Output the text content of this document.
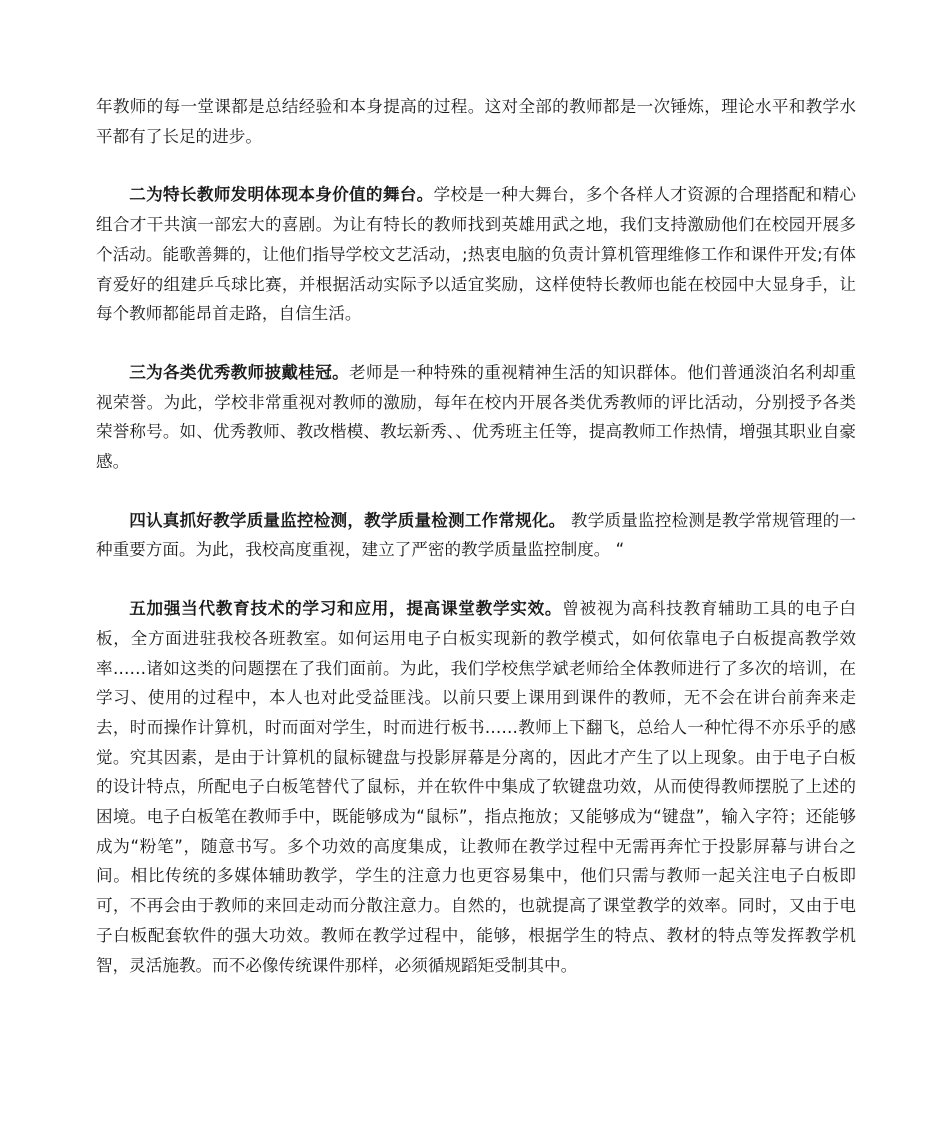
年教师的每一堂课都是总结经验和本身提高的过程。这对全部的教师都是一次锤炼，理论水平和教学水平都有了长足的进步。

二为特长教师发明体现本身价值的舞台。学校是一种大舞台，多个各样人才资源的合理搭配和精心组合才干共演一部宏大的喜剧。为让有特长的教师找到英雄用武之地，我们支持激励他们在校园开展多个活动。能歌善舞的，让他们指导学校文艺活动，;热衷电脑的负责计算机管理维修工作和课件开发;有体育爱好的组建乒乓球比赛，并根据活动实际予以适宜奖励，这样使特长教师也能在校园中大显身手，让每个教师都能昂首走路，自信生活。

三为各类优秀教师披戴桂冠。老师是一种特殊的重视精神生活的知识群体。他们普通淡泊名利却重视荣誉。为此，学校非常重视对教师的激励，每年在校内开展各类优秀教师的评比活动，分别授予各类荣誉称号。如、优秀教师、教改楷模、教坛新秀、、优秀班主任等，提高教师工作热情，增强其职业自豪感。

四认真抓好教学质量监控检测，教学质量检测工作常规化。 教学质量监控检测是教学常规管理的一种重要方面。为此，我校高度重视，建立了严密的教学质量监控制度。 “

五加强当代教育技术的学习和应用，提高课堂教学实效。曾被视为高科技教育辅助工具的电子白板，全方面进驻我校各班教室。如何运用电子白板实现新的教学模式，如何依靠电子白板提高教学效率……诸如这类的问题摆在了我们面前。为此，我们学校焦学斌老师给全体教师进行了多次的培训，在学习、使用的过程中，本人也对此受益匪浅。以前只要上课用到课件的教师，无不会在讲台前奔来走去，时而操作计算机，时而面对学生，时而进行板书……教师上下翻飞，总给人一种忙得不亦乐乎的感觉。究其因素，是由于计算机的鼠标键盘与投影屏幕是分离的，因此才产生了以上现象。由于电子白板的设计特点，所配电子白板笔替代了鼠标，并在软件中集成了软键盘功效，从而使得教师摆脱了上述的困境。电子白板笔在教师手中，既能够成为“鼠标”，指点拖放；又能够成为“键盘”，输入字符；还能够成为“粉笔”，随意书写。多个功效的高度集成，让教师在教学过程中无需再奔忙于投影屏幕与讲台之间。相比传统的多媒体辅助教学，学生的注意力也更容易集中，他们只需与教师一起关注电子白板即可，不再会由于教师的来回走动而分散注意力。自然的，也就提高了课堂教学的效率。同时，又由于电子白板配套软件的强大功效。教师在教学过程中，能够，根据学生的特点、教材的特点等发挥教学机智，灵活施教。而不必像传统课件那样，必须循规蹈矩受制其中。
